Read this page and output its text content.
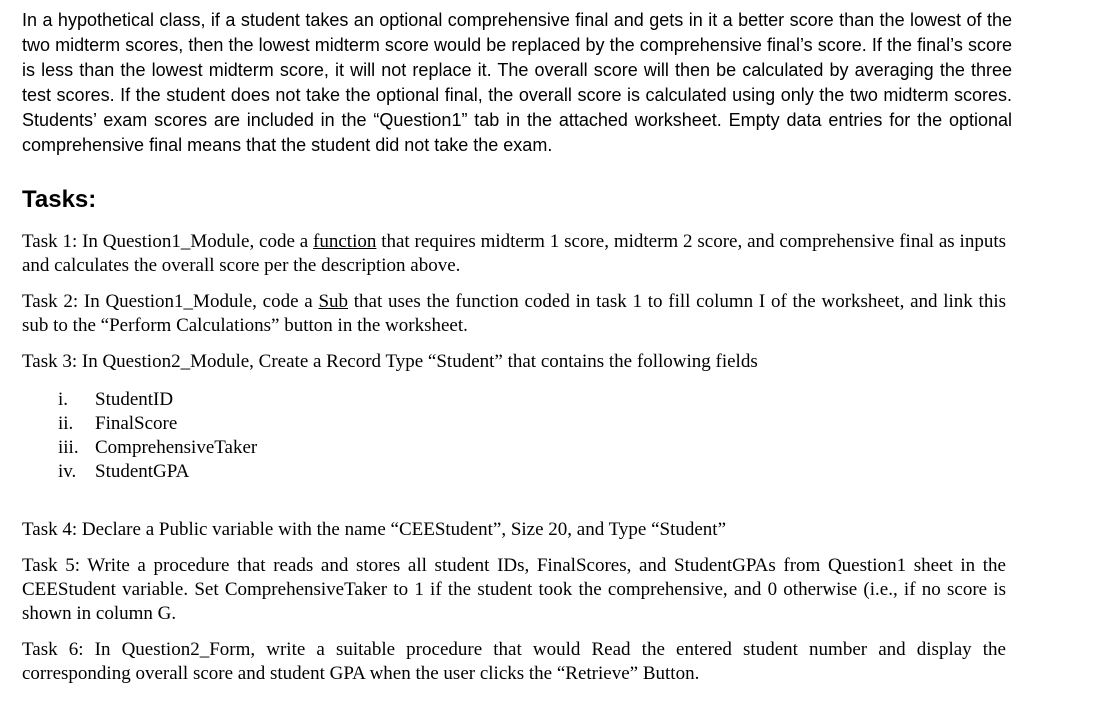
In a hypothetical class, if a student takes an optional comprehensive final and gets in it a better score than the lowest of the two midterm scores, then the lowest midterm score would be replaced by the comprehensive final’s score. If the final’s score is less than the lowest midterm score, it will not replace it. The overall score will then be calculated by averaging the three test scores. If the student does not take the optional final, the overall score is calculated using only the two midterm scores. Students’ exam scores are included in the “Question1” tab in the attached worksheet. Empty data entries for the optional comprehensive final means that the student did not take the exam.

Tasks:

Task 1: In Question1_Module, code a function that requires midterm 1 score, midterm 2 score, and comprehensive final as inputs and calculates the overall score per the description above.

Task 2: In Question1_Module, code a Sub that uses the function coded in task 1 to fill column I of the worksheet, and link this sub to the “Perform Calculations” button in the worksheet.

Task 3: In Question2_Module, Create a Record Type “Student” that contains the following fields

i.	StudentID
ii.	FinalScore
iii. ComprehensiveTaker
iv. StudentGPA

Task 4: Declare a Public variable with the name “CEEStudent”, Size 20, and Type “Student”

Task 5: Write a procedure that reads and stores all student IDs, FinalScores, and StudentGPAs from Question1 sheet in the CEEStudent variable. Set ComprehensiveTaker to 1 if the student took the comprehensive, and 0 otherwise (i.e., if no score is shown in column G.

Task 6: In Question2_Form, write a suitable procedure that would Read the entered student number and display the corresponding overall score and student GPA when the user clicks the “Retrieve” Button.
